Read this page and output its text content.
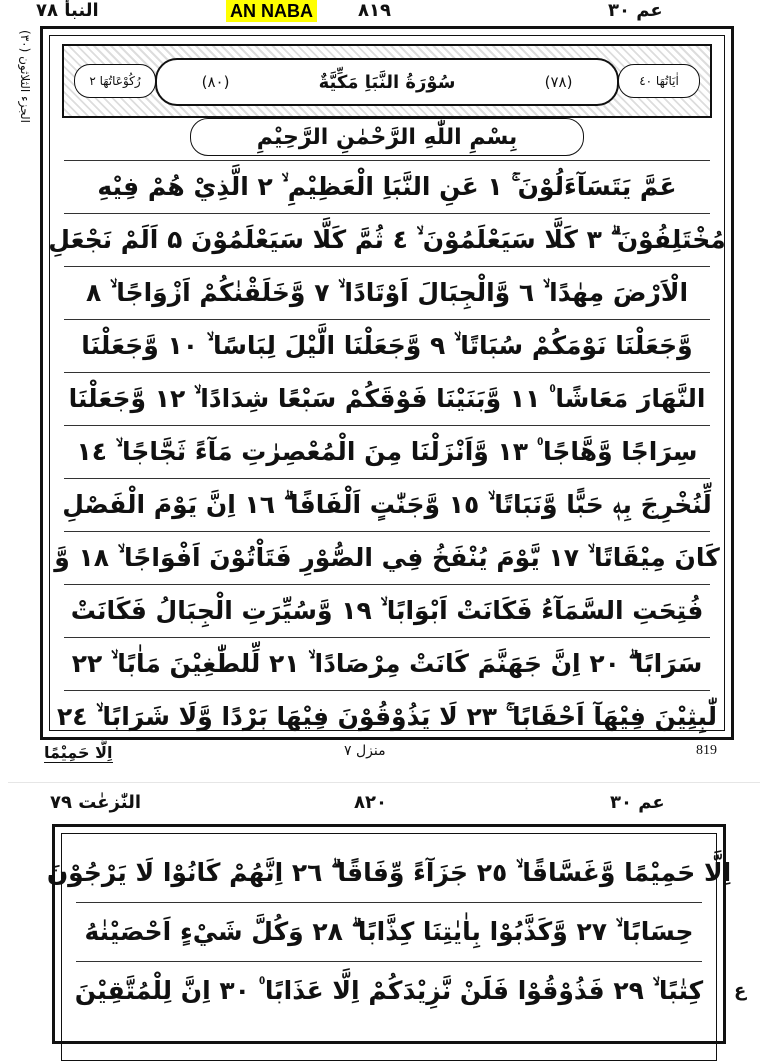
عم ٣٠
AN NABA	٨١٩
النبأ ٧٨
الجزء الثلاثون (٣٠)	رُكُوْعَاتُهَا ٢	(٧٨)
سُوْرَةُ النَّبَاِ مَكِّيَّةٌ
(٨٠)	اٰيَاتُهَا ٤٠
بِسْمِ اللّٰهِ الرَّحْمٰنِ الرَّحِيْمِ
عَمَّ يَتَسَآءَلُوْنَ ۚ ١ عَنِ النَّبَاِ الْعَظِيْمِ ۙ ٢ الَّذِيْ هُمْ فِيْهِ
مُخْتَلِفُوْنَ ۗ ٣ كَلَّا سَيَعْلَمُوْنَ ۙ ٤ ثُمَّ كَلَّا سَيَعْلَمُوْنَ ۵ اَلَمْ نَجْعَلِ
الْاَرْضَ مِهٰدًا ۙ ٦ وَّالْجِبَالَ اَوْتَادًا ۙ ٧ وَّخَلَقْنٰكُمْ اَزْوَاجًا ۙ ٨
وَّجَعَلْنَا نَوْمَكُمْ سُبَاتًا ۙ ٩ وَّجَعَلْنَا الَّيْلَ لِبَاسًا ۙ ١٠ وَّجَعَلْنَا
النَّهَارَ مَعَاشًا ۠ ١١ وَّبَنَيْنَا فَوْقَكُمْ سَبْعًا شِدَادًا ۙ ١٢ وَّجَعَلْنَا
سِرَاجًا وَّهَّاجًا ۠ ١٣ وَّاَنْزَلْنَا مِنَ الْمُعْصِرٰتِ مَآءً ثَجَّاجًا ۙ ١٤
لِّنُخْرِجَ بِهٖ حَبًّا وَّنَبَاتًا ۙ ١٥ وَّجَنّٰتٍ اَلْفَافًا ۗ ١٦ اِنَّ يَوْمَ الْفَصْلِ
كَانَ مِيْقَاتًا ۙ ١٧ يَّوْمَ يُنْفَخُ فِي الصُّوْرِ فَتَاْتُوْنَ اَفْوَاجًا ۙ ١٨ وَّ
فُتِحَتِ السَّمَآءُ فَكَانَتْ اَبْوَابًا ۙ ١٩ وَّسُيِّرَتِ الْجِبَالُ فَكَانَتْ
سَرَابًا ۗ ٢٠ اِنَّ جَهَنَّمَ كَانَتْ مِرْصَادًا ۙ ٢١ لِّلطّٰغِيْنَ مَاٰبًا ۙ ٢٢
لّٰبِثِيْنَ فِيْهَآ اَحْقَابًا ۚ ٢٣ لَا يَذُوْقُوْنَ فِيْهَا بَرْدًا وَّلَا شَرَابًا ۙ ٢٤
اِلَّا حَمِيْمًا	منزل ٧	819
عم ٣٠
٨٢٠
النّٰزعٰت ٧٩
اِلَّا حَمِيْمًا وَّغَسَّاقًا ۙ ٢٥ جَزَآءً وِّفَاقًا ۗ ٢٦ اِنَّهُمْ كَانُوْا لَا يَرْجُوْنَ
حِسَابًا ۙ ٢٧ وَّكَذَّبُوْا بِاٰيٰتِنَا كِذَّابًا ۗ ٢٨ وَكُلَّ شَيْءٍ اَحْصَيْنٰهُ
كِتٰبًا ۙ ٢٩ فَذُوْقُوْا فَلَنْ نَّزِيْدَكُمْ اِلَّا عَذَابًا ۠ ٣٠ اِنَّ لِلْمُتَّقِيْنَ ع
